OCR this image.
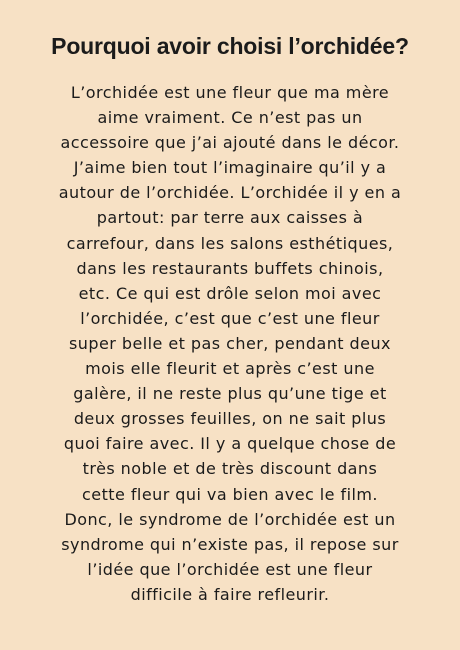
Pourquoi avoir choisi l’orchidée?
L’orchidée est une fleur que ma mère
aime vraiment. Ce n’est pas un
accessoire que j’ai ajouté dans le décor.
J’aime bien tout l’imaginaire qu’il y a
autour de l’orchidée. L’orchidée il y en a
partout: par terre aux caisses à
carrefour, dans les salons esthétiques,
dans les restaurants buffets chinois,
etc. Ce qui est drôle selon moi avec
l’orchidée, c’est que c’est une fleur
super belle et pas cher, pendant deux
mois elle fleurit et après c’est une
galère, il ne reste plus qu’une tige et
deux grosses feuilles, on ne sait plus
quoi faire avec. Il y a quelque chose de
très noble et de très discount dans
cette fleur qui va bien avec le film.
Donc, le syndrome de l’orchidée est un
syndrome qui n’existe pas, il repose sur
l’idée que l’orchidée est une fleur
difficile à faire refleurir.
